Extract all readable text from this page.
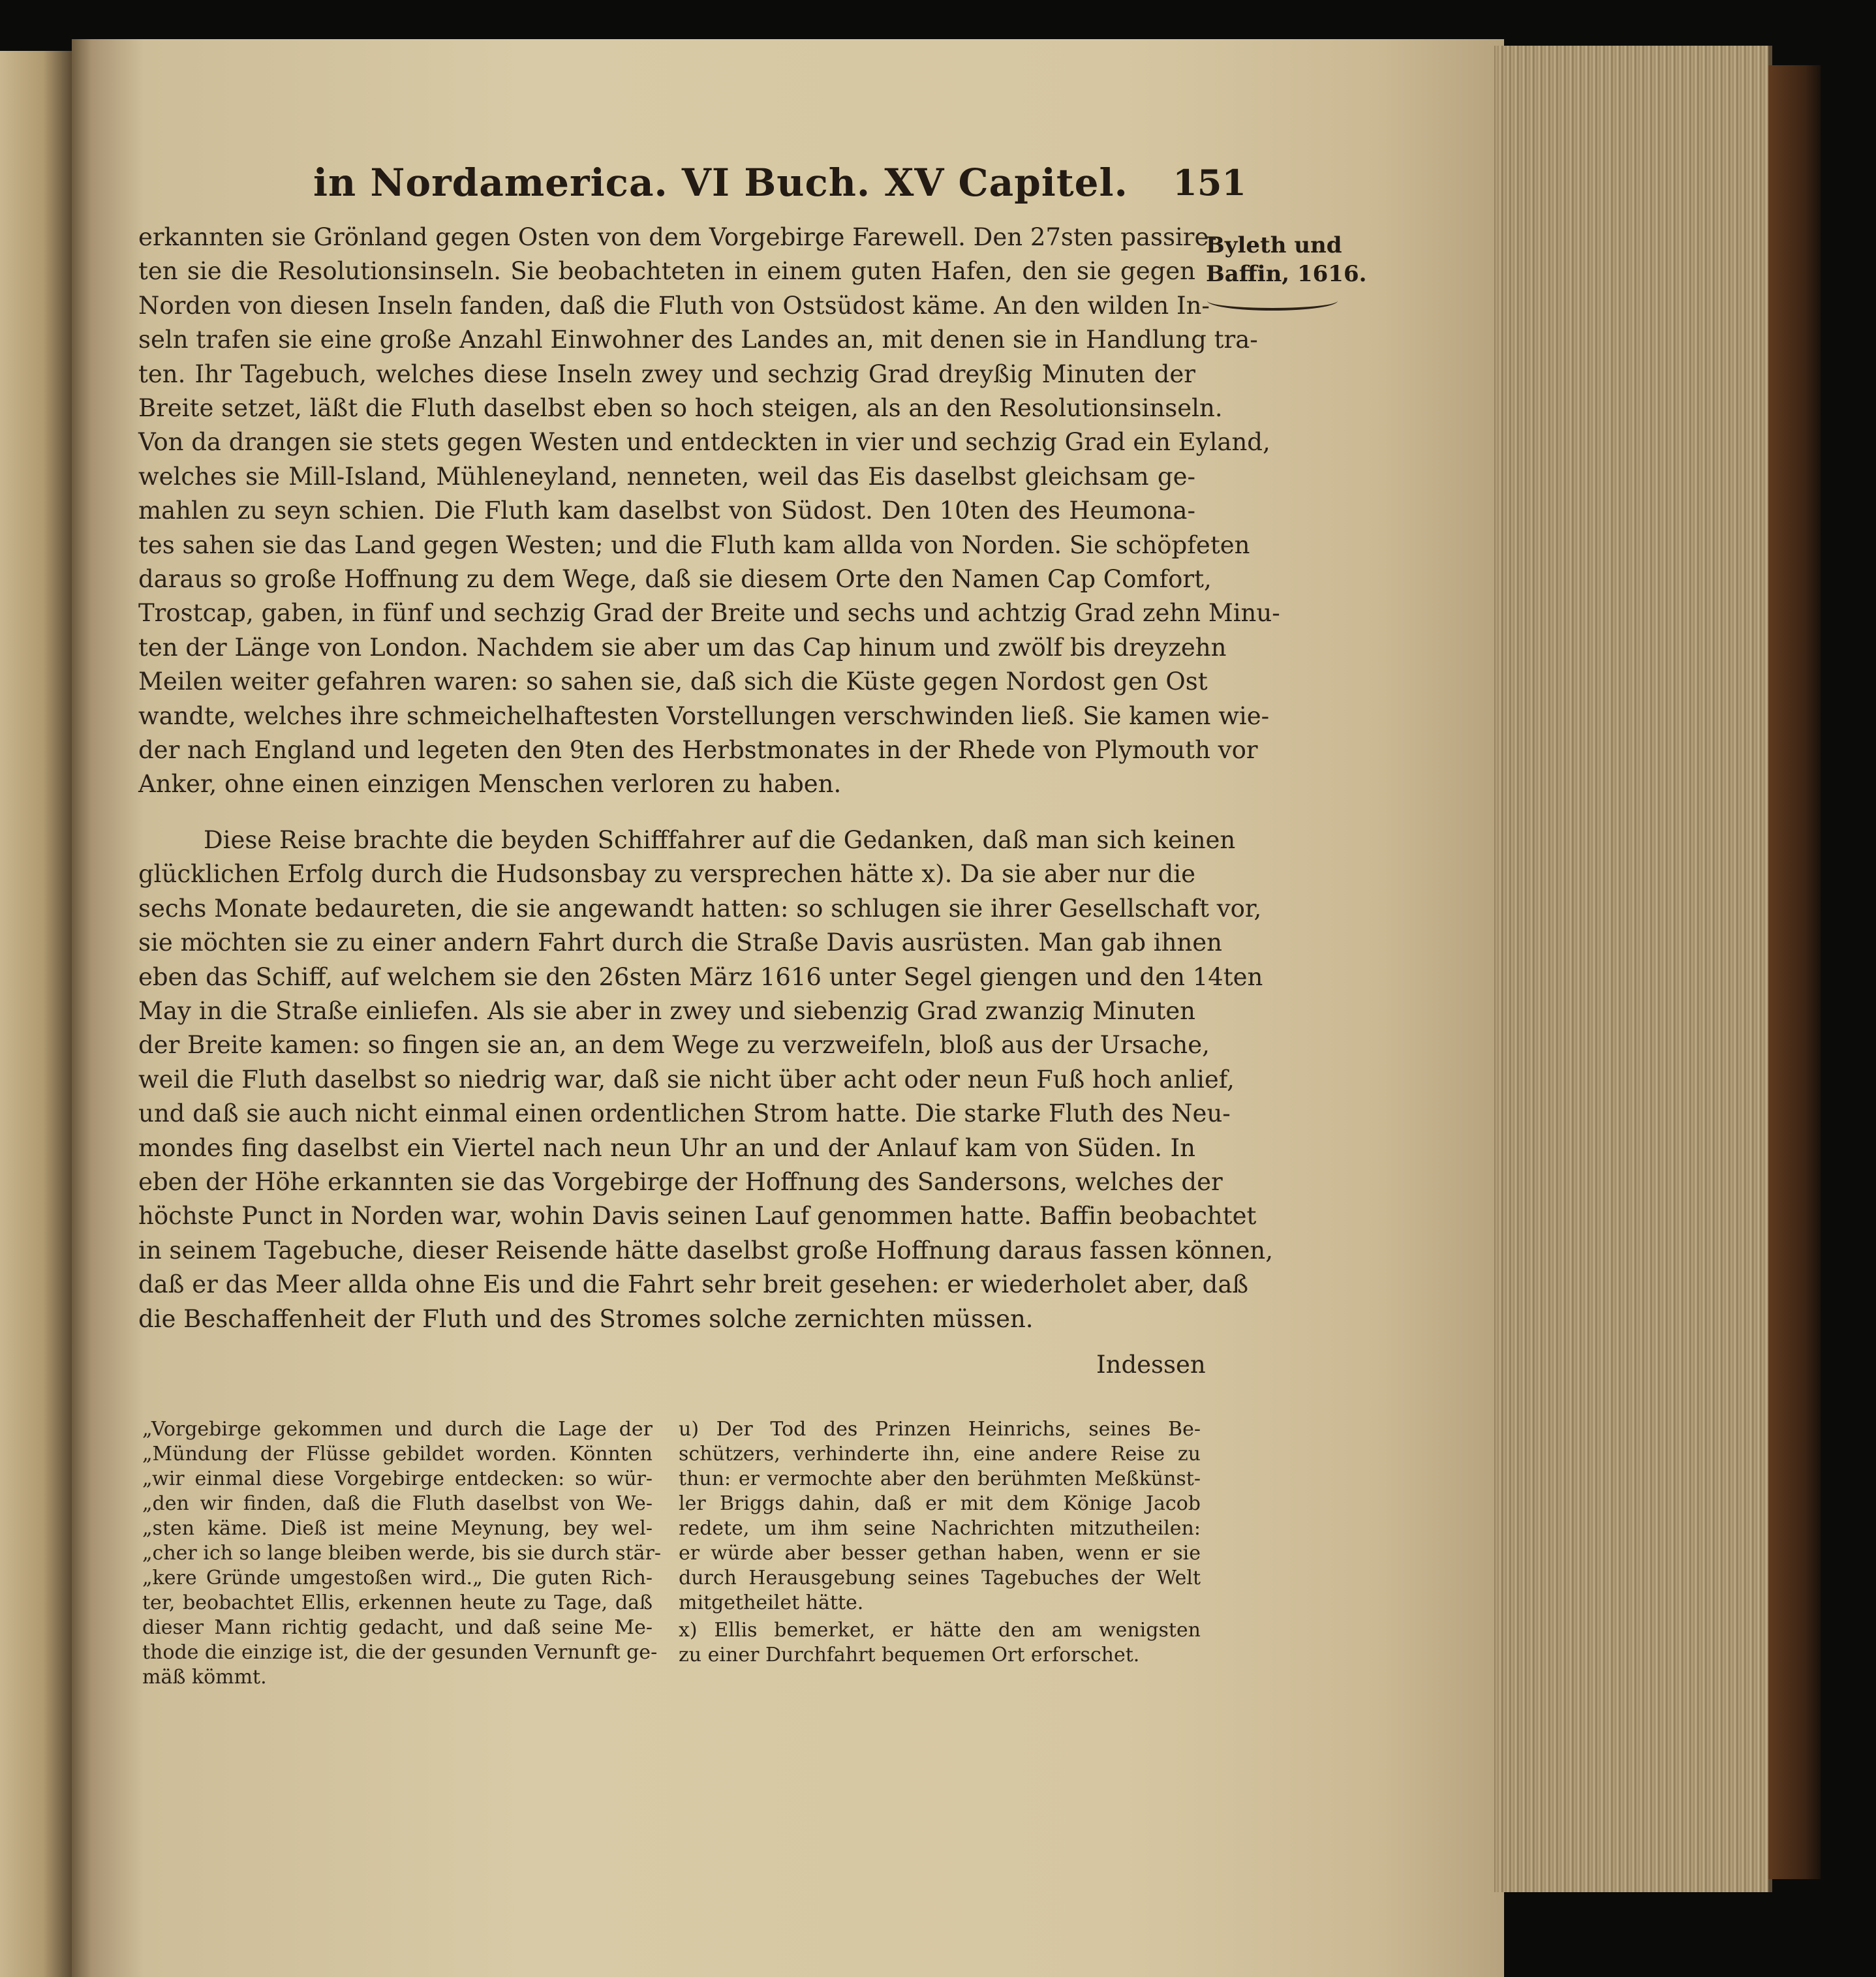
in Nordamerica. VI Buch. XV Capitel. 151
Byleth und
Baffin, 1616.
erkannten sie Grönland gegen Osten von dem Vorgebirge Farewell. Den 27sten passire-
ten sie die Resolutionsinseln. Sie beobachteten in einem guten Hafen, den sie gegen
Norden von diesen Inseln fanden, daß die Fluth von Ostsüdost käme. An den wilden In-
seln trafen sie eine große Anzahl Einwohner des Landes an, mit denen sie in Handlung tra-
ten. Ihr Tagebuch, welches diese Inseln zwey und sechzig Grad dreyßig Minuten der
Breite setzet, läßt die Fluth daselbst eben so hoch steigen, als an den Resolutionsinseln.
Von da drangen sie stets gegen Westen und entdeckten in vier und sechzig Grad ein Eyland,
welches sie Mill-Island, Mühleneyland, nenneten, weil das Eis daselbst gleichsam ge-
mahlen zu seyn schien. Die Fluth kam daselbst von Südost. Den 10ten des Heumona-
tes sahen sie das Land gegen Westen; und die Fluth kam allda von Norden. Sie schöpfeten
daraus so große Hoffnung zu dem Wege, daß sie diesem Orte den Namen Cap Comfort,
Trostcap, gaben, in fünf und sechzig Grad der Breite und sechs und achtzig Grad zehn Minu-
ten der Länge von London. Nachdem sie aber um das Cap hinum und zwölf bis dreyzehn
Meilen weiter gefahren waren: so sahen sie, daß sich die Küste gegen Nordost gen Ost
wandte, welches ihre schmeichelhaftesten Vorstellungen verschwinden ließ. Sie kamen wie-
der nach England und legeten den 9ten des Herbstmonates in der Rhede von Plymouth vor
Anker, ohne einen einzigen Menschen verloren zu haben.
Diese Reise brachte die beyden Schifffahrer auf die Gedanken, daß man sich keinen
glücklichen Erfolg durch die Hudsonsbay zu versprechen hätte x). Da sie aber nur die
sechs Monate bedaureten, die sie angewandt hatten: so schlugen sie ihrer Gesellschaft vor,
sie möchten sie zu einer andern Fahrt durch die Straße Davis ausrüsten. Man gab ihnen
eben das Schiff, auf welchem sie den 26sten März 1616 unter Segel giengen und den 14ten
May in die Straße einliefen. Als sie aber in zwey und siebenzig Grad zwanzig Minuten
der Breite kamen: so fingen sie an, an dem Wege zu verzweifeln, bloß aus der Ursache,
weil die Fluth daselbst so niedrig war, daß sie nicht über acht oder neun Fuß hoch anlief,
und daß sie auch nicht einmal einen ordentlichen Strom hatte. Die starke Fluth des Neu-
mondes fing daselbst ein Viertel nach neun Uhr an und der Anlauf kam von Süden. In
eben der Höhe erkannten sie das Vorgebirge der Hoffnung des Sandersons, welches der
höchste Punct in Norden war, wohin Davis seinen Lauf genommen hatte. Baffin beobachtet
in seinem Tagebuche, dieser Reisende hätte daselbst große Hoffnung daraus fassen können,
daß er das Meer allda ohne Eis und die Fahrt sehr breit gesehen: er wiederholet aber, daß
die Beschaffenheit der Fluth und des Stromes solche zernichten müssen.
Indessen
„Vorgebirge gekommen und durch die Lage der
„Mündung der Flüsse gebildet worden. Könnten
„wir einmal diese Vorgebirge entdecken: so wür-
„den wir finden, daß die Fluth daselbst von We-
„sten käme. Dieß ist meine Meynung, bey wel-
„cher ich so lange bleiben werde, bis sie durch stär-
„kere Gründe umgestoßen wird.„ Die guten Rich-
ter, beobachtet Ellis, erkennen heute zu Tage, daß
dieser Mann richtig gedacht, und daß seine Me-
thode die einzige ist, die der gesunden Vernunft ge-
mäß kömmt.
u) Der Tod des Prinzen Heinrichs, seines Be-
schützers, verhinderte ihn, eine andere Reise zu
thun: er vermochte aber den berühmten Meßkünst-
ler Briggs dahin, daß er mit dem Könige Jacob
redete, um ihm seine Nachrichten mitzutheilen:
er würde aber besser gethan haben, wenn er sie
durch Herausgebung seines Tagebuches der Welt
mitgetheilet hätte.
x) Ellis bemerket, er hätte den am wenigsten
zu einer Durchfahrt bequemen Ort erforschet.
